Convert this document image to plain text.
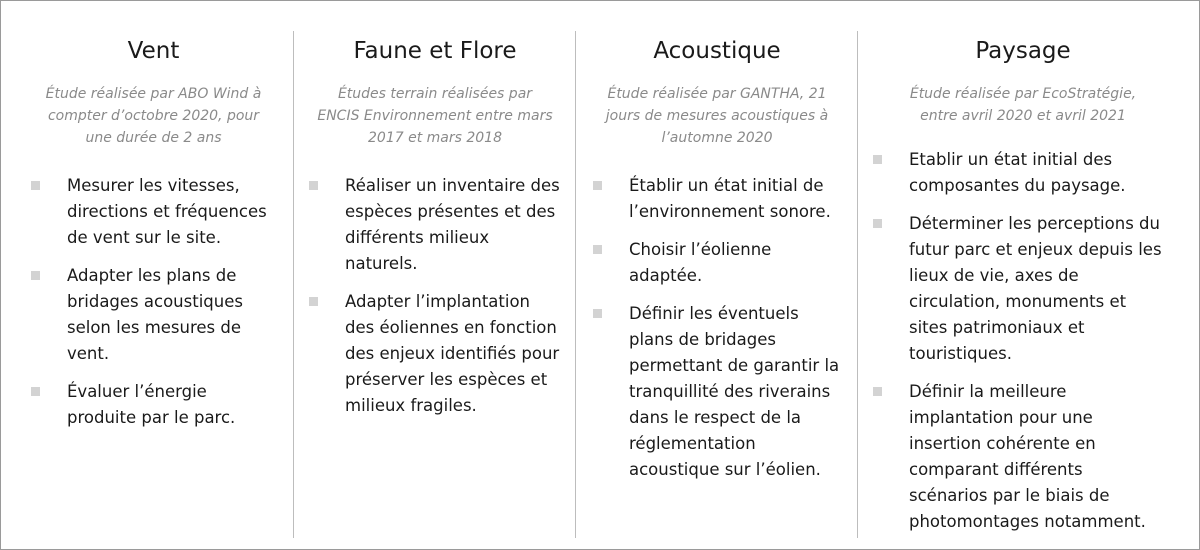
Vent
Étude réalisée par ABO Wind à compter d’octobre 2020, pour une durée de 2 ans
Mesurer les vitesses, directions et fréquences de vent sur le site.
Adapter les plans de bridages acoustiques selon les mesures de vent.
Évaluer l’énergie produite par le parc.
Faune et Flore
Études terrain réalisées par ENCIS Environnement entre mars 2017 et mars 2018
Réaliser un inventaire des espèces présentes et des différents milieux naturels.
Adapter l’implantation des éoliennes en fonction des enjeux identifiés pour préserver les espèces et milieux fragiles.
Acoustique
Étude réalisée par GANTHA, 21 jours de mesures acoustiques à l’automne 2020
Établir un état initial de l’environnement sonore.
Choisir l’éolienne adaptée.
Définir les éventuels plans de bridages permettant de garantir la tranquillité des riverains dans le respect de la réglementation acoustique sur l’éolien.
Paysage
Étude réalisée par EcoStratégie, entre avril 2020 et avril 2021
Etablir un état initial des composantes du paysage.
Déterminer les perceptions du futur parc et enjeux depuis les lieux de vie, axes de circulation, monuments et sites patrimoniaux et touristiques.
Définir la meilleure implantation pour une insertion cohérente en comparant différents scénarios par le biais de photomontages notamment.
